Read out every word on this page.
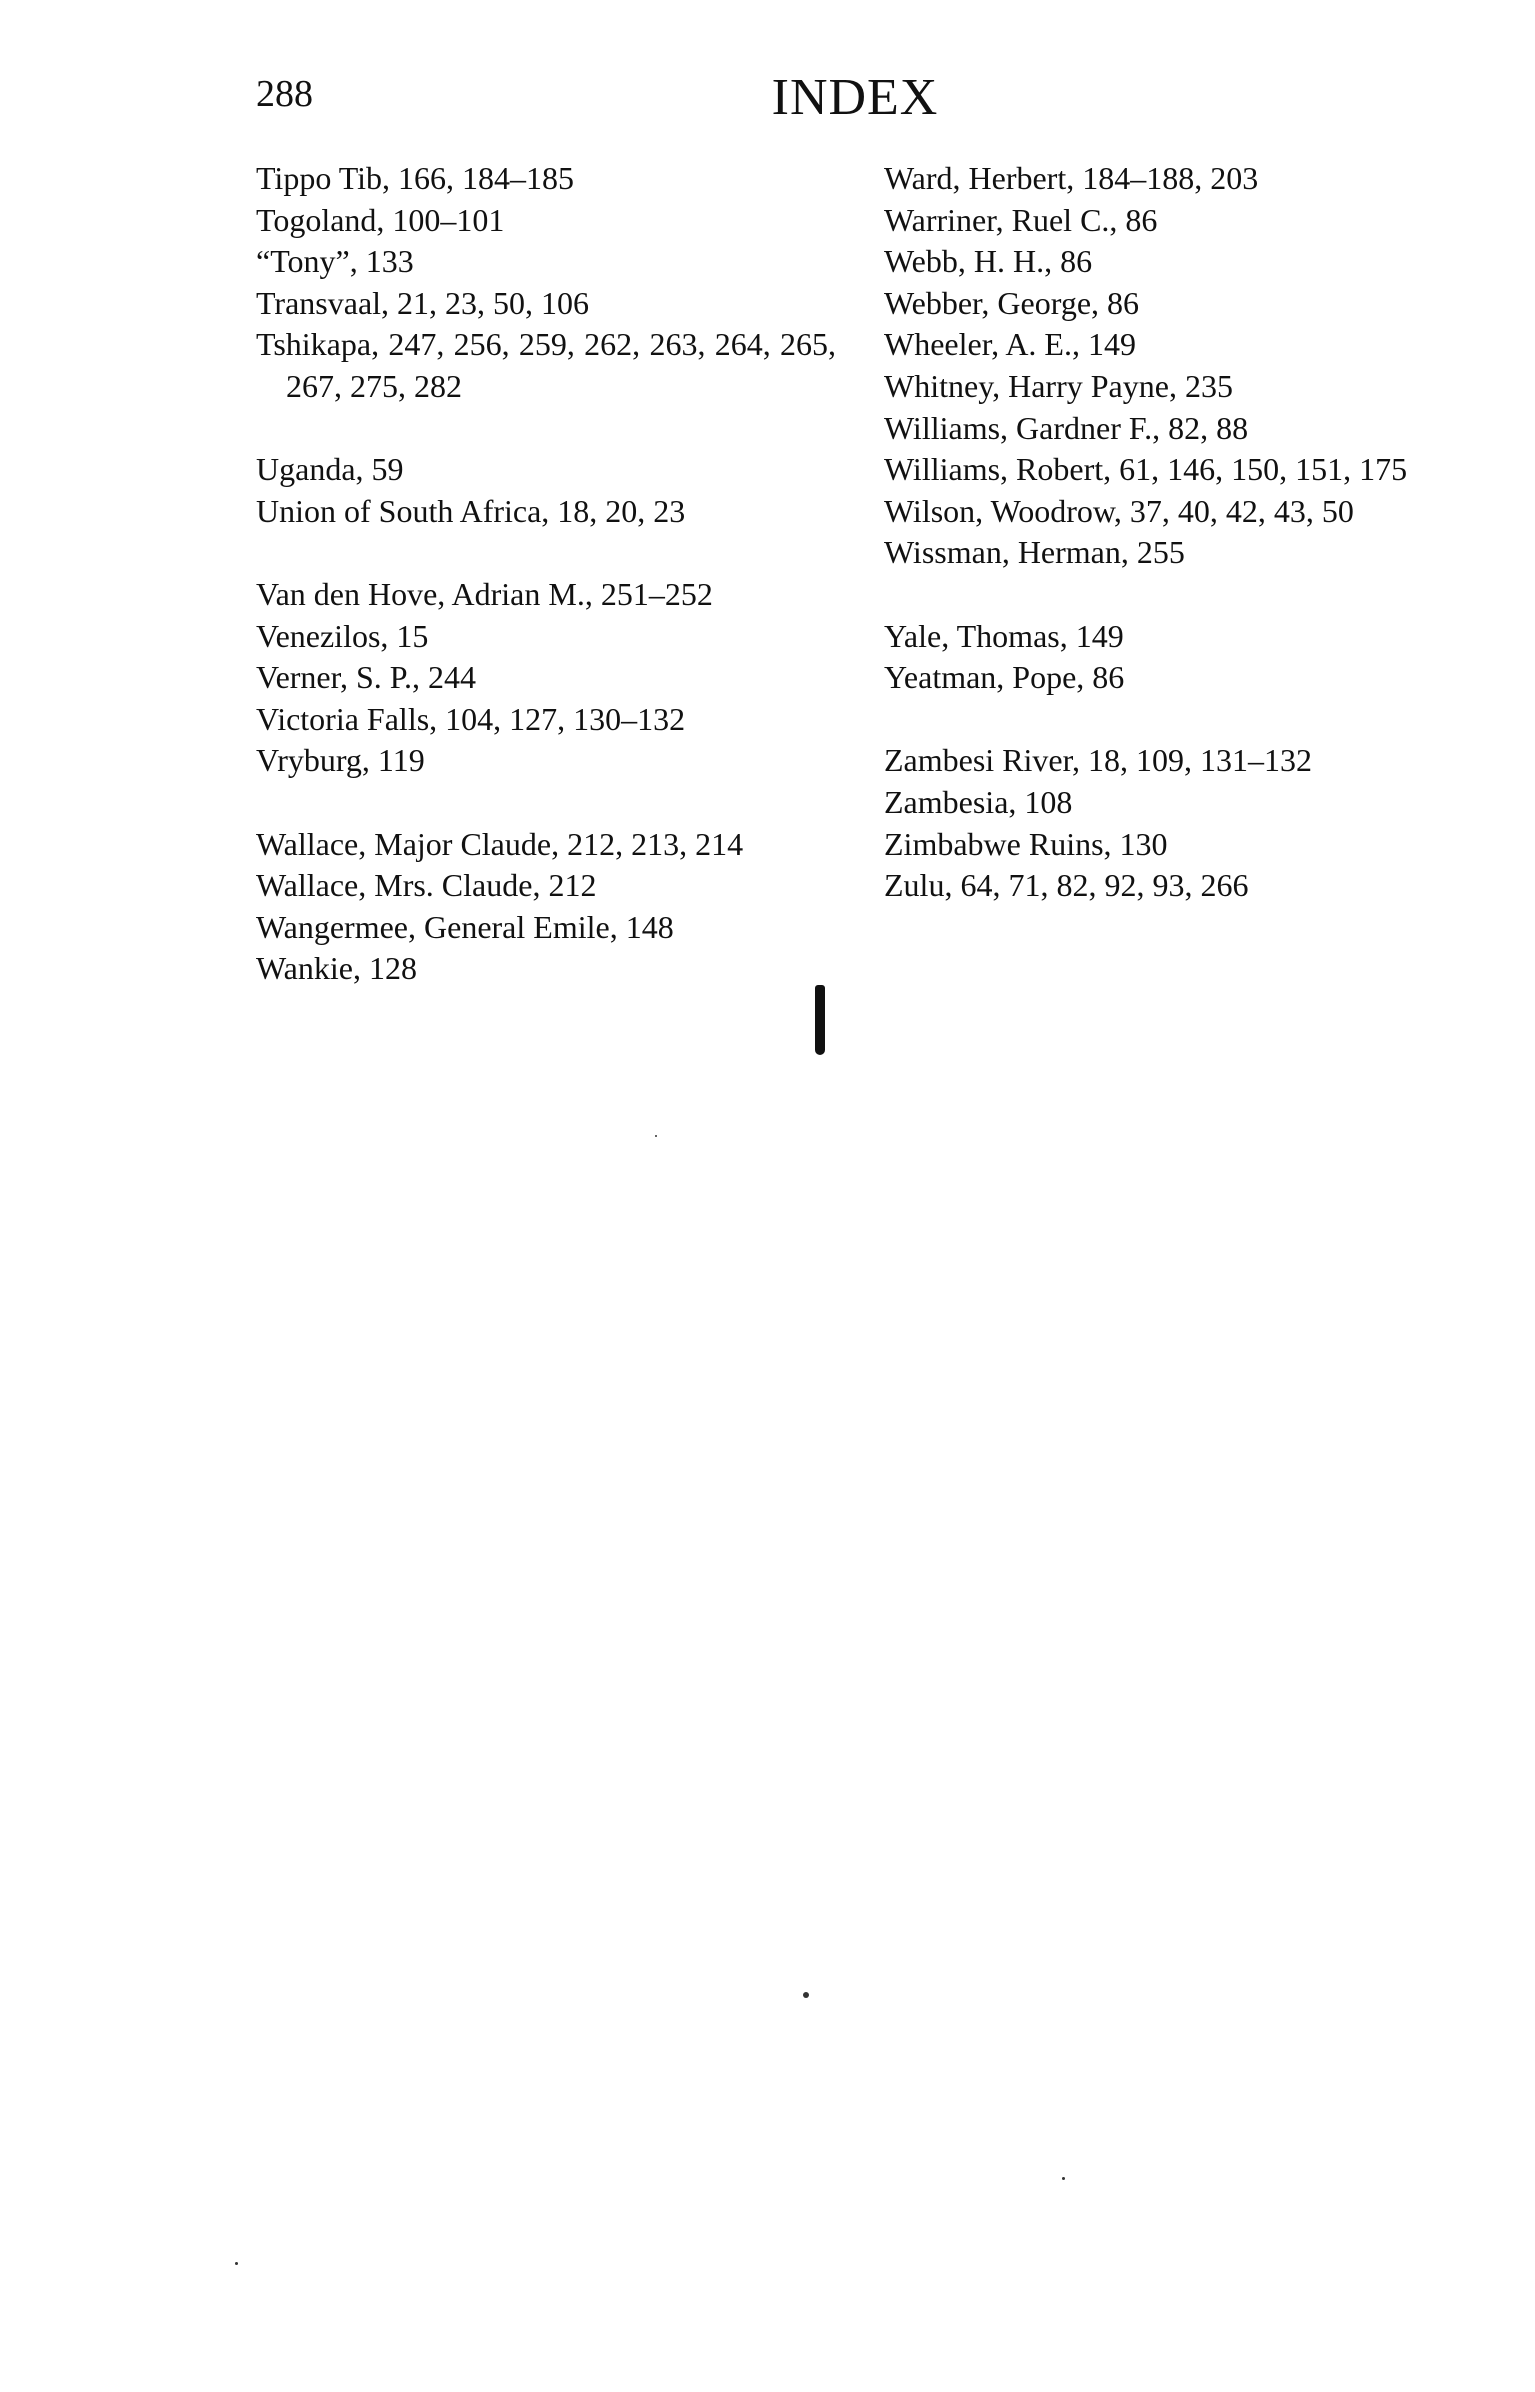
288	INDEX
Tippo Tib, 166, 184–185
Togoland, 100–101
“Tony”, 133
Transvaal, 21, 23, 50, 106
Tshikapa, 247, 256, 259, 262, 263, 264, 265, 267, 275, 282
Uganda, 59
Union of South Africa, 18, 20, 23
Van den Hove, Adrian M., 251–252
Venezilos, 15
Verner, S. P., 244
Victoria Falls, 104, 127, 130–132
Vryburg, 119
Wallace, Major Claude, 212, 213, 214
Wallace, Mrs. Claude, 212
Wangermee, General Emile, 148
Wankie, 128
Ward, Herbert, 184–188, 203
Warriner, Ruel C., 86
Webb, H. H., 86
Webber, George, 86
Wheeler, A. E., 149
Whitney, Harry Payne, 235
Williams, Gardner F., 82, 88
Williams, Robert, 61, 146, 150, 151, 175
Wilson, Woodrow, 37, 40, 42, 43, 50
Wissman, Herman, 255
Yale, Thomas, 149
Yeatman, Pope, 86
Zambesi River, 18, 109, 131–132
Zambesia, 108
Zimbabwe Ruins, 130
Zulu, 64, 71, 82, 92, 93, 266
